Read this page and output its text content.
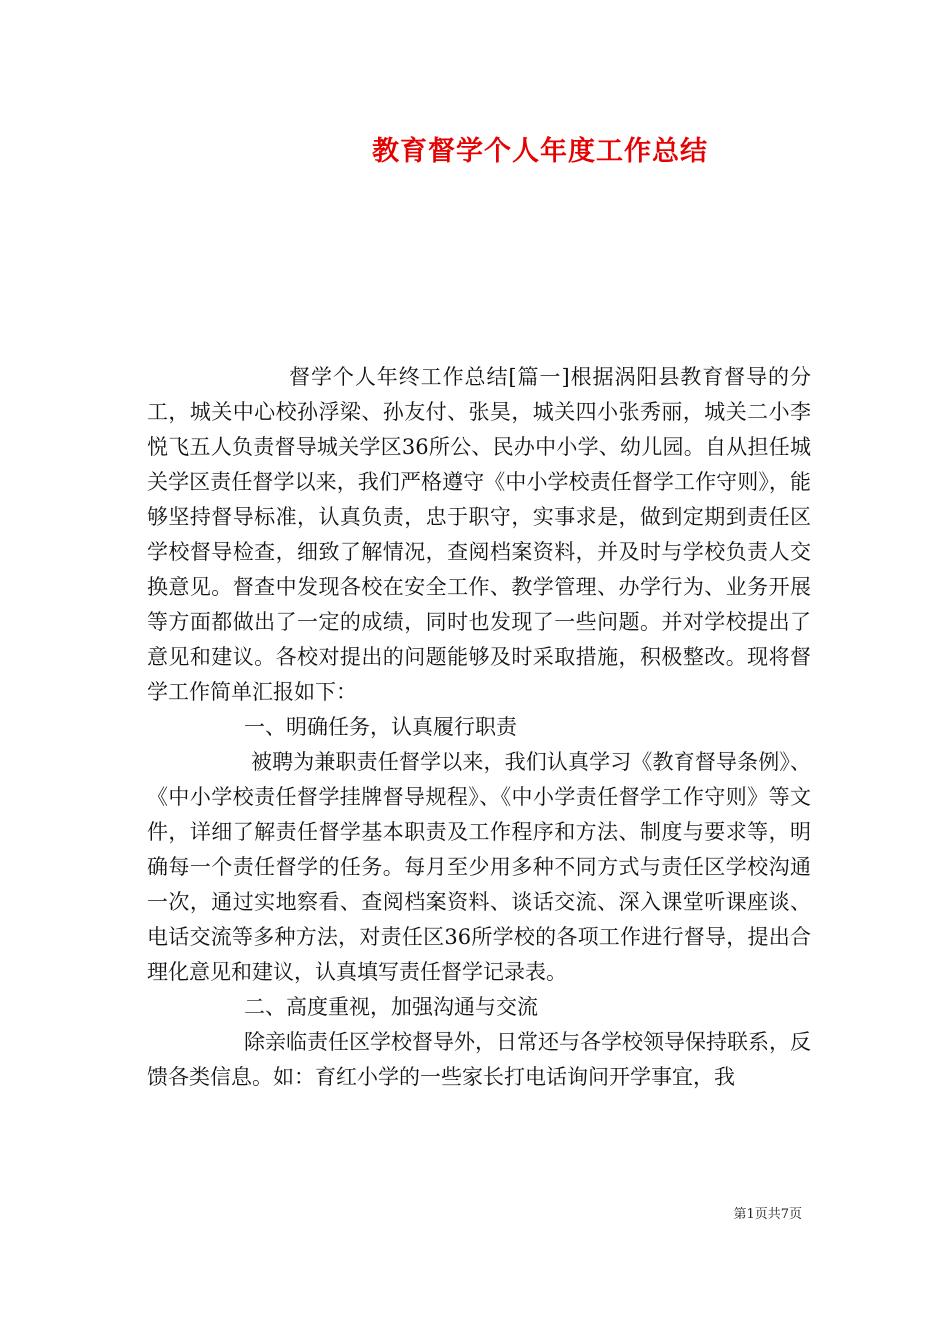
教育督学个人年度工作总结

督学个人年终工作总结[篇一]根据涡阳县教育督导的分工，城关中心校孙浮梁、孙友付、张昊，城关四小张秀丽，城关二小李悦飞五人负责督导城关学区36所公、民办中小学、幼儿园。自从担任城关学区责任督学以来，我们严格遵守《中小学校责任督学工作守则》，能够坚持督导标准，认真负责，忠于职守，实事求是，做到定期到责任区学校督导检查，细致了解情况，查阅档案资料，并及时与学校负责人交换意见。督查中发现各校在安全工作、教学管理、办学行为、业务开展等方面都做出了一定的成绩，同时也发现了一些问题。并对学校提出了意见和建议。各校对提出的问题能够及时采取措施，积极整改。现将督学工作简单汇报如下：

一、明确任务，认真履行职责

被聘为兼职责任督学以来，我们认真学习《教育督导条例》、《中小学校责任督学挂牌督导规程》、《中小学责任督学工作守则》等文件，详细了解责任督学基本职责及工作程序和方法、制度与要求等，明确每一个责任督学的任务。每月至少用多种不同方式与责任区学校沟通一次，通过实地察看、查阅档案资料、谈话交流、深入课堂听课座谈、电话交流等多种方法，对责任区36所学校的各项工作进行督导，提出合理化意见和建议，认真填写责任督学记录表。

二、高度重视，加强沟通与交流

除亲临责任区学校督导外，日常还与各学校领导保持联系，反馈各类信息。如：育红小学的一些家长打电话询问开学事宜，我

第1页共7页
